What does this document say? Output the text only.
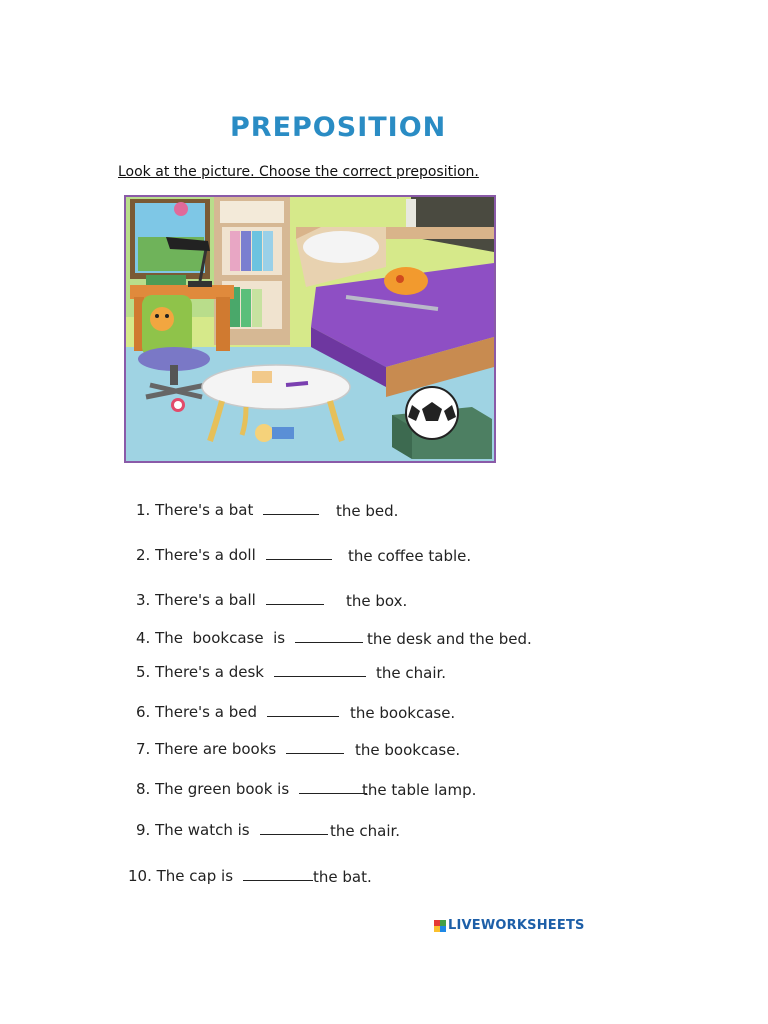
PREPOSITION
Look at the picture. Choose the correct preposition.
1. There's a bat	the bed.
2. There's a doll	the coffee table.
3. There's a ball	the box.
4. The  bookcase  is	the desk and the bed.
5. There's a desk	the chair.
6. There's a bed	the bookcase.
7. There are books	the bookcase.
8. The green book is	the table lamp.
9. The watch is	the chair.
10. The cap is	the bat.
LIVEWORKSHEETS
